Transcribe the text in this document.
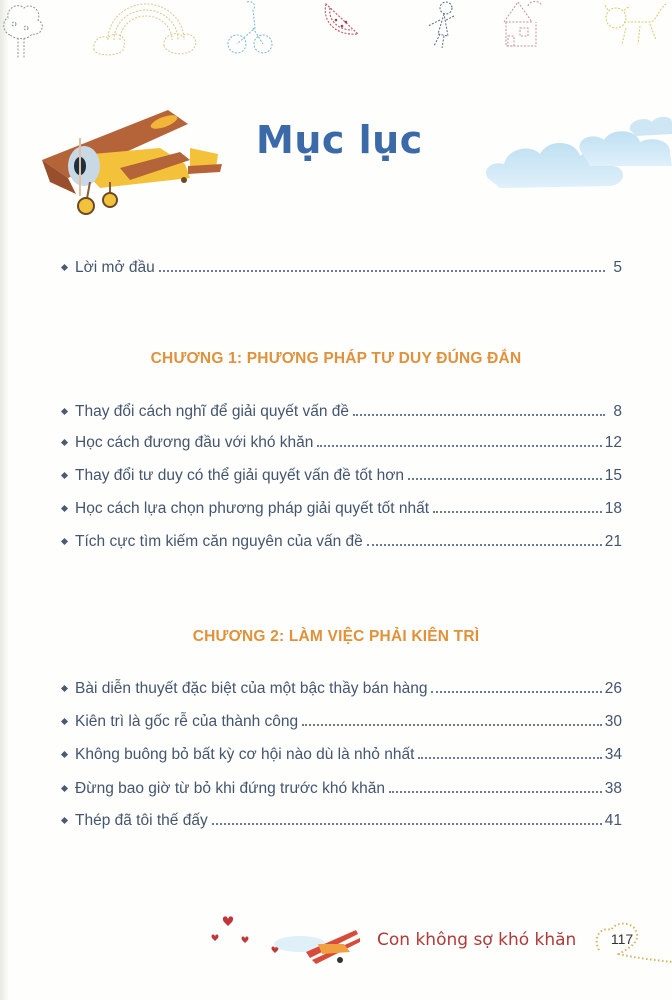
Mục lục
Lời mở đầu	5
CHƯƠNG 1: PHƯƠNG PHÁP TƯ DUY ĐÚNG ĐẮN
Thay đổi cách nghĩ để giải quyết vấn đề	8
Học cách đương đầu với khó khăn	12
Thay đổi tư duy có thể giải quyết vấn đề tốt hơn	15
Học cách lựa chọn phương pháp giải quyết tốt nhất	18
Tích cực tìm kiếm căn nguyên của vấn đề	21
CHƯƠNG 2: LÀM VIỆC PHẢI KIÊN TRÌ
Bài diễn thuyết đặc biệt của một bậc thầy bán hàng	26
Kiên trì là gốc rễ của thành công	30
Không buông bỏ bất kỳ cơ hội nào dù là nhỏ nhất	34
Đừng bao giờ từ bỏ khi đứng trước khó khăn	38
Thép đã tôi thế đấy	41
Con không sợ khó khăn	117
